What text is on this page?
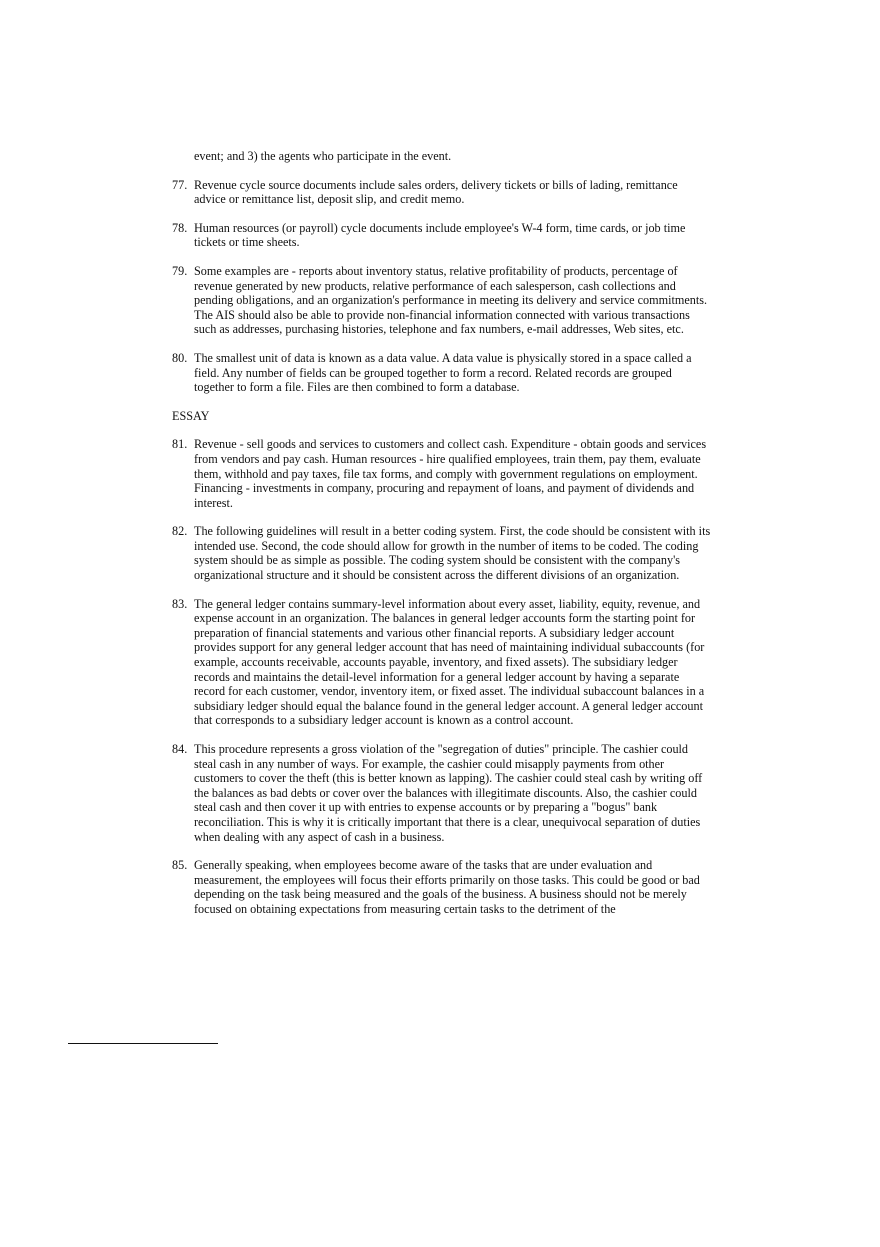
event; and 3) the agents who participate in the event.

77. Revenue cycle source documents include sales orders, delivery tickets or bills of lading, remittance advice or remittance list, deposit slip, and credit memo.
78. Human resources (or payroll) cycle documents include employee's W-4 form, time cards, or job time tickets or time sheets.
79. Some examples are - reports about inventory status, relative profitability of products, percentage of revenue generated by new products, relative performance of each salesperson, cash collections and pending obligations, and an organization's performance in meeting its delivery and service commitments. The AIS should also be able to provide non-financial information connected with various transactions such as addresses, purchasing histories, telephone and fax numbers, e-mail addresses, Web sites, etc.
80. The smallest unit of data is known as a data value. A data value is physically stored in a space called a field. Any number of fields can be grouped together to form a record. Related records are grouped together to form a file. Files are then combined to form a database.
ESSAY
81. Revenue - sell goods and services to customers and collect cash. Expenditure - obtain goods and services from vendors and pay cash. Human resources - hire qualified employees, train them, pay them, evaluate them, withhold and pay taxes, file tax forms, and comply with government regulations on employment. Financing - investments in company, procuring and repayment of loans, and payment of dividends and interest.
82. The following guidelines will result in a better coding system. First, the code should be consistent with its intended use. Second, the code should allow for growth in the number of items to be coded. The coding system should be as simple as possible. The coding system should be consistent with the company's organizational structure and it should be consistent across the different divisions of an organization.
83. The general ledger contains summary-level information about every asset, liability, equity, revenue, and expense account in an organization. The balances in general ledger accounts form the starting point for preparation of financial statements and various other financial reports. A subsidiary ledger account provides support for any general ledger account that has need of maintaining individual subaccounts (for example, accounts receivable, accounts payable, inventory, and fixed assets). The subsidiary ledger records and maintains the detail-level information for a general ledger account by having a separate record for each customer, vendor, inventory item, or fixed asset. The individual subaccount balances in a subsidiary ledger should equal the balance found in the general ledger account. A general ledger account that corresponds to a subsidiary ledger account is known as a control account.
84. This procedure represents a gross violation of the "segregation of duties" principle. The cashier could steal cash in any number of ways. For example, the cashier could misapply payments from other customers to cover the theft (this is better known as lapping). The cashier could steal cash by writing off the balances as bad debts or cover over the balances with illegitimate discounts. Also, the cashier could steal cash and then cover it up with entries to expense accounts or by preparing a "bogus" bank reconciliation. This is why it is critically important that there is a clear, unequivocal separation of duties when dealing with any aspect of cash in a business.
85. Generally speaking, when employees become aware of the tasks that are under evaluation and measurement, the employees will focus their efforts primarily on those tasks. This could be good or bad depending on the task being measured and the goals of the business. A business should not be merely focused on obtaining expectations from measuring certain tasks to the detriment of the
